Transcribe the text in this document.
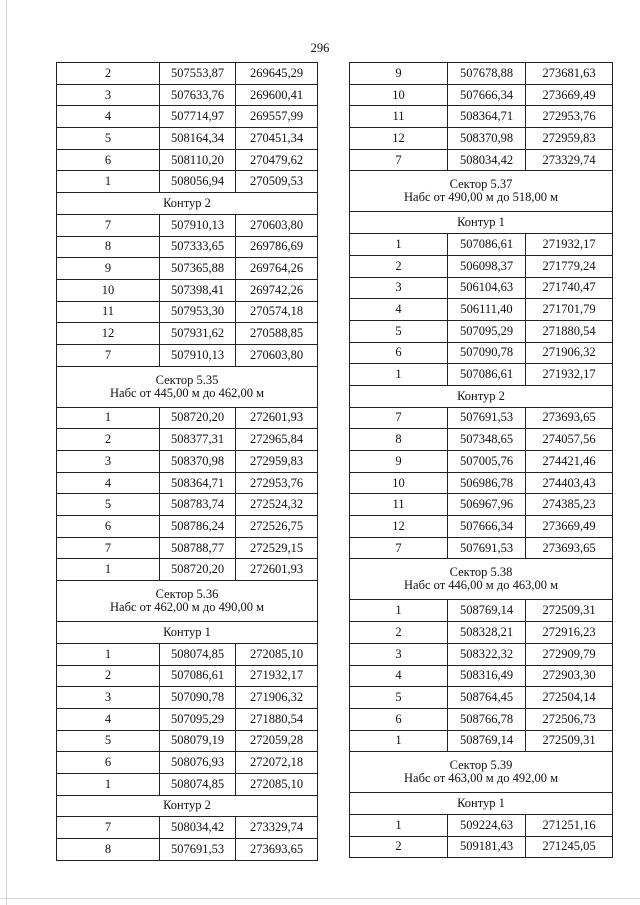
296
2	507553,87	269645,29
3	507633,76	269600,41
4	507714,97	269557,99
5	508164,34	270451,34
6	508110,20	270479,62
1	508056,94	270509,53
Контур 2		
7	507910,13	270603,80
8	507333,65	269786,69
9	507365,88	269764,26
10	507398,41	269742,26
11	507953,30	270574,18
12	507931,62	270588,85
7	507910,13	270603,80

Сектор 5.35
Набс от 445,00 м до 462,00 м		

1	508720,20	272601,93
2	508377,31	272965,84
3	508370,98	272959,83
4	508364,71	272953,76
5	508783,74	272524,32
6	508786,24	272526,75
7	508788,77	272529,15
1	508720,20	272601,93

Сектор 5.36
Набс от 462,00 м до 490,00 м		

Контур 1		
1	508074,85	272085,10
2	507086,61	271932,17
3	507090,78	271906,32
4	507095,29	271880,54
5	508079,19	272059,28
6	508076,93	272072,18
1	508074,85	272085,10
Контур 2		
7	508034,42	273329,74
8	507691,53	273693,65
9	507678,88	273681,63
10	507666,34	273669,49
11	508364,71	272953,76
12	508370,98	272959,83
7	508034,42	273329,74

Сектор 5.37
Набс от 490,00 м до 518,00 м		

Контур 1		
1	507086,61	271932,17
2	506098,37	271779,24
3	506104,63	271740,47
4	506111,40	271701,79
5	507095,29	271880,54
6	507090,78	271906,32
1	507086,61	271932,17
Контур 2		
7	507691,53	273693,65
8	507348,65	274057,56
9	507005,76	274421,46
10	506986,78	274403,43
11	506967,96	274385,23
12	507666,34	273669,49
7	507691,53	273693,65

Сектор 5.38
Набс от 446,00 м до 463,00 м		

1	508769,14	272509,31
2	508328,21	272916,23
3	508322,32	272909,79
4	508316,49	272903,30
5	508764,45	272504,14
6	508766,78	272506,73
1	508769,14	272509,31

Сектор 5.39
Набс от 463,00 м до 492,00 м		

Контур 1		
1	509224,63	271251,16
2	509181,43	271245,05
